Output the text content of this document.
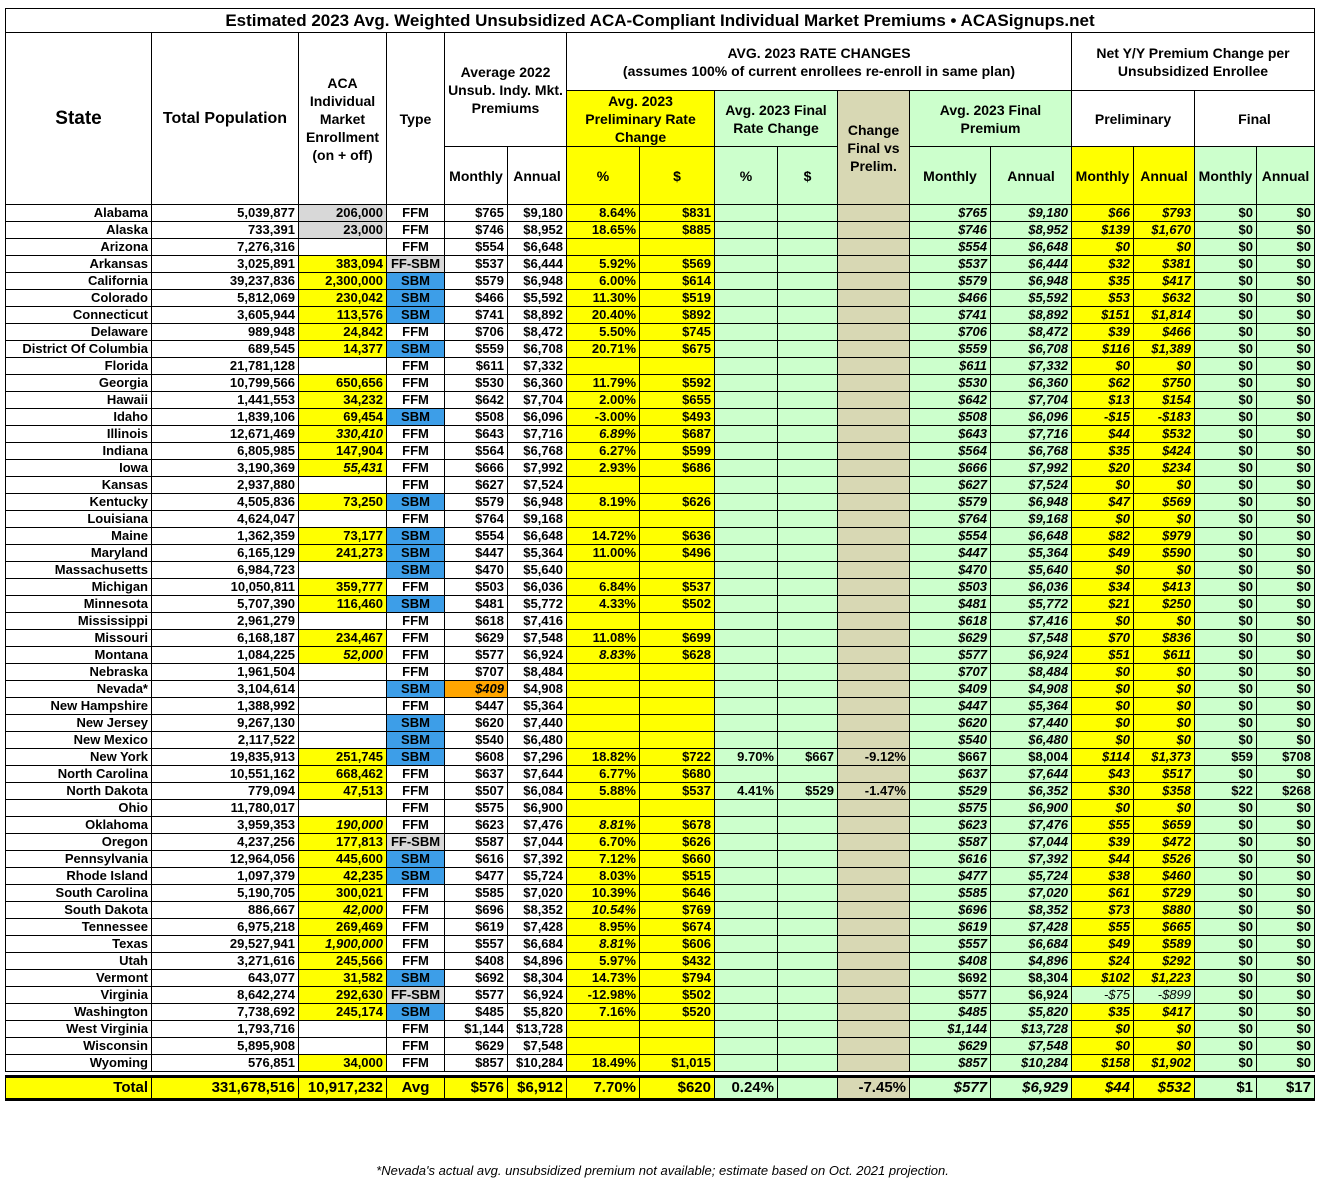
Estimated 2023 Avg. Weighted Unsubsidized ACA-Compliant Individual Market Premiums • ACASignups.net																
State	Total Population	ACA Individual Market Enrollment (on + off)	Type	Average 2022 Unsub. Indy. Mkt. Premiums		AVG. 2023 RATE CHANGES
(assumes 100% of current enrollees re-enroll in same plan)							Net Y/Y Premium Change per Unsubsidized Enrollee			
						Avg. 2023 Preliminary Rate Change		Avg. 2023 Final Rate Change		Change Final vs Prelim.	Avg. 2023 Final Premium		Preliminary		Final	
				Monthly	Annual	%	$	%	$		Monthly	Annual	Monthly	Annual	Monthly	Annual
Alabama	5,039,877	206,000	FFM	$765	$9,180	8.64%	$831				$765	$9,180	$66	$793	$0	$0
Alaska	733,391	23,000	FFM	$746	$8,952	18.65%	$885				$746	$8,952	$139	$1,670	$0	$0
Arizona	7,276,316		FFM	$554	$6,648						$554	$6,648	$0	$0	$0	$0
Arkansas	3,025,891	383,094	FF-SBM	$537	$6,444	5.92%	$569				$537	$6,444	$32	$381	$0	$0
California	39,237,836	2,300,000	SBM	$579	$6,948	6.00%	$614				$579	$6,948	$35	$417	$0	$0
Colorado	5,812,069	230,042	SBM	$466	$5,592	11.30%	$519				$466	$5,592	$53	$632	$0	$0
Connecticut	3,605,944	113,576	SBM	$741	$8,892	20.40%	$892				$741	$8,892	$151	$1,814	$0	$0
Delaware	989,948	24,842	FFM	$706	$8,472	5.50%	$745				$706	$8,472	$39	$466	$0	$0
District Of Columbia	689,545	14,377	SBM	$559	$6,708	20.71%	$675				$559	$6,708	$116	$1,389	$0	$0
Florida	21,781,128		FFM	$611	$7,332						$611	$7,332	$0	$0	$0	$0
Georgia	10,799,566	650,656	FFM	$530	$6,360	11.79%	$592				$530	$6,360	$62	$750	$0	$0
Hawaii	1,441,553	34,232	FFM	$642	$7,704	2.00%	$655				$642	$7,704	$13	$154	$0	$0
Idaho	1,839,106	69,454	SBM	$508	$6,096	-3.00%	$493				$508	$6,096	-$15	-$183	$0	$0
Illinois	12,671,469	330,410	FFM	$643	$7,716	6.89%	$687				$643	$7,716	$44	$532	$0	$0
Indiana	6,805,985	147,904	FFM	$564	$6,768	6.27%	$599				$564	$6,768	$35	$424	$0	$0
Iowa	3,190,369	55,431	FFM	$666	$7,992	2.93%	$686				$666	$7,992	$20	$234	$0	$0
Kansas	2,937,880		FFM	$627	$7,524						$627	$7,524	$0	$0	$0	$0
Kentucky	4,505,836	73,250	SBM	$579	$6,948	8.19%	$626				$579	$6,948	$47	$569	$0	$0
Louisiana	4,624,047		FFM	$764	$9,168						$764	$9,168	$0	$0	$0	$0
Maine	1,362,359	73,177	SBM	$554	$6,648	14.72%	$636				$554	$6,648	$82	$979	$0	$0
Maryland	6,165,129	241,273	SBM	$447	$5,364	11.00%	$496				$447	$5,364	$49	$590	$0	$0
Massachusetts	6,984,723		SBM	$470	$5,640						$470	$5,640	$0	$0	$0	$0
Michigan	10,050,811	359,777	FFM	$503	$6,036	6.84%	$537				$503	$6,036	$34	$413	$0	$0
Minnesota	5,707,390	116,460	SBM	$481	$5,772	4.33%	$502				$481	$5,772	$21	$250	$0	$0
Mississippi	2,961,279		FFM	$618	$7,416						$618	$7,416	$0	$0	$0	$0
Missouri	6,168,187	234,467	FFM	$629	$7,548	11.08%	$699				$629	$7,548	$70	$836	$0	$0
Montana	1,084,225	52,000	FFM	$577	$6,924	8.83%	$628				$577	$6,924	$51	$611	$0	$0
Nebraska	1,961,504		FFM	$707	$8,484						$707	$8,484	$0	$0	$0	$0
Nevada*	3,104,614		SBM	$409	$4,908						$409	$4,908	$0	$0	$0	$0
New Hampshire	1,388,992		FFM	$447	$5,364						$447	$5,364	$0	$0	$0	$0
New Jersey	9,267,130		SBM	$620	$7,440						$620	$7,440	$0	$0	$0	$0
New Mexico	2,117,522		SBM	$540	$6,480						$540	$6,480	$0	$0	$0	$0
New York	19,835,913	251,745	SBM	$608	$7,296	18.82%	$722	9.70%	$667	-9.12%	$667	$8,004	$114	$1,373	$59	$708
North Carolina	10,551,162	668,462	FFM	$637	$7,644	6.77%	$680				$637	$7,644	$43	$517	$0	$0
North Dakota	779,094	47,513	FFM	$507	$6,084	5.88%	$537	4.41%	$529	-1.47%	$529	$6,352	$30	$358	$22	$268
Ohio	11,780,017		FFM	$575	$6,900						$575	$6,900	$0	$0	$0	$0
Oklahoma	3,959,353	190,000	FFM	$623	$7,476	8.81%	$678				$623	$7,476	$55	$659	$0	$0
Oregon	4,237,256	177,813	FF-SBM	$587	$7,044	6.70%	$626				$587	$7,044	$39	$472	$0	$0
Pennsylvania	12,964,056	445,600	SBM	$616	$7,392	7.12%	$660				$616	$7,392	$44	$526	$0	$0
Rhode Island	1,097,379	42,235	SBM	$477	$5,724	8.03%	$515				$477	$5,724	$38	$460	$0	$0
South Carolina	5,190,705	300,021	FFM	$585	$7,020	10.39%	$646				$585	$7,020	$61	$729	$0	$0
South Dakota	886,667	42,000	FFM	$696	$8,352	10.54%	$769				$696	$8,352	$73	$880	$0	$0
Tennessee	6,975,218	269,469	FFM	$619	$7,428	8.95%	$674				$619	$7,428	$55	$665	$0	$0
Texas	29,527,941	1,900,000	FFM	$557	$6,684	8.81%	$606				$557	$6,684	$49	$589	$0	$0
Utah	3,271,616	245,566	FFM	$408	$4,896	5.97%	$432				$408	$4,896	$24	$292	$0	$0
Vermont	643,077	31,582	SBM	$692	$8,304	14.73%	$794				$692	$8,304	$102	$1,223	$0	$0
Virginia	8,642,274	292,630	FF-SBM	$577	$6,924	-12.98%	$502				$577	$6,924	-$75	-$899	$0	$0
Washington	7,738,692	245,174	SBM	$485	$5,820	7.16%	$520				$485	$5,820	$35	$417	$0	$0
West Virginia	1,793,716		FFM	$1,144	$13,728						$1,144	$13,728	$0	$0	$0	$0
Wisconsin	5,895,908		FFM	$629	$7,548						$629	$7,548	$0	$0	$0	$0
Wyoming	576,851	34,000	FFM	$857	$10,284	18.49%	$1,015				$857	$10,284	$158	$1,902	$0	$0

Total	331,678,516	10,917,232	Avg	$576	$6,912	7.70%	$620	0.24%		-7.45%	$577	$6,929	$44	$532	$1	$17
*Nevada's actual avg. unsubsidized premium not available; estimate based on Oct. 2021 projection.
